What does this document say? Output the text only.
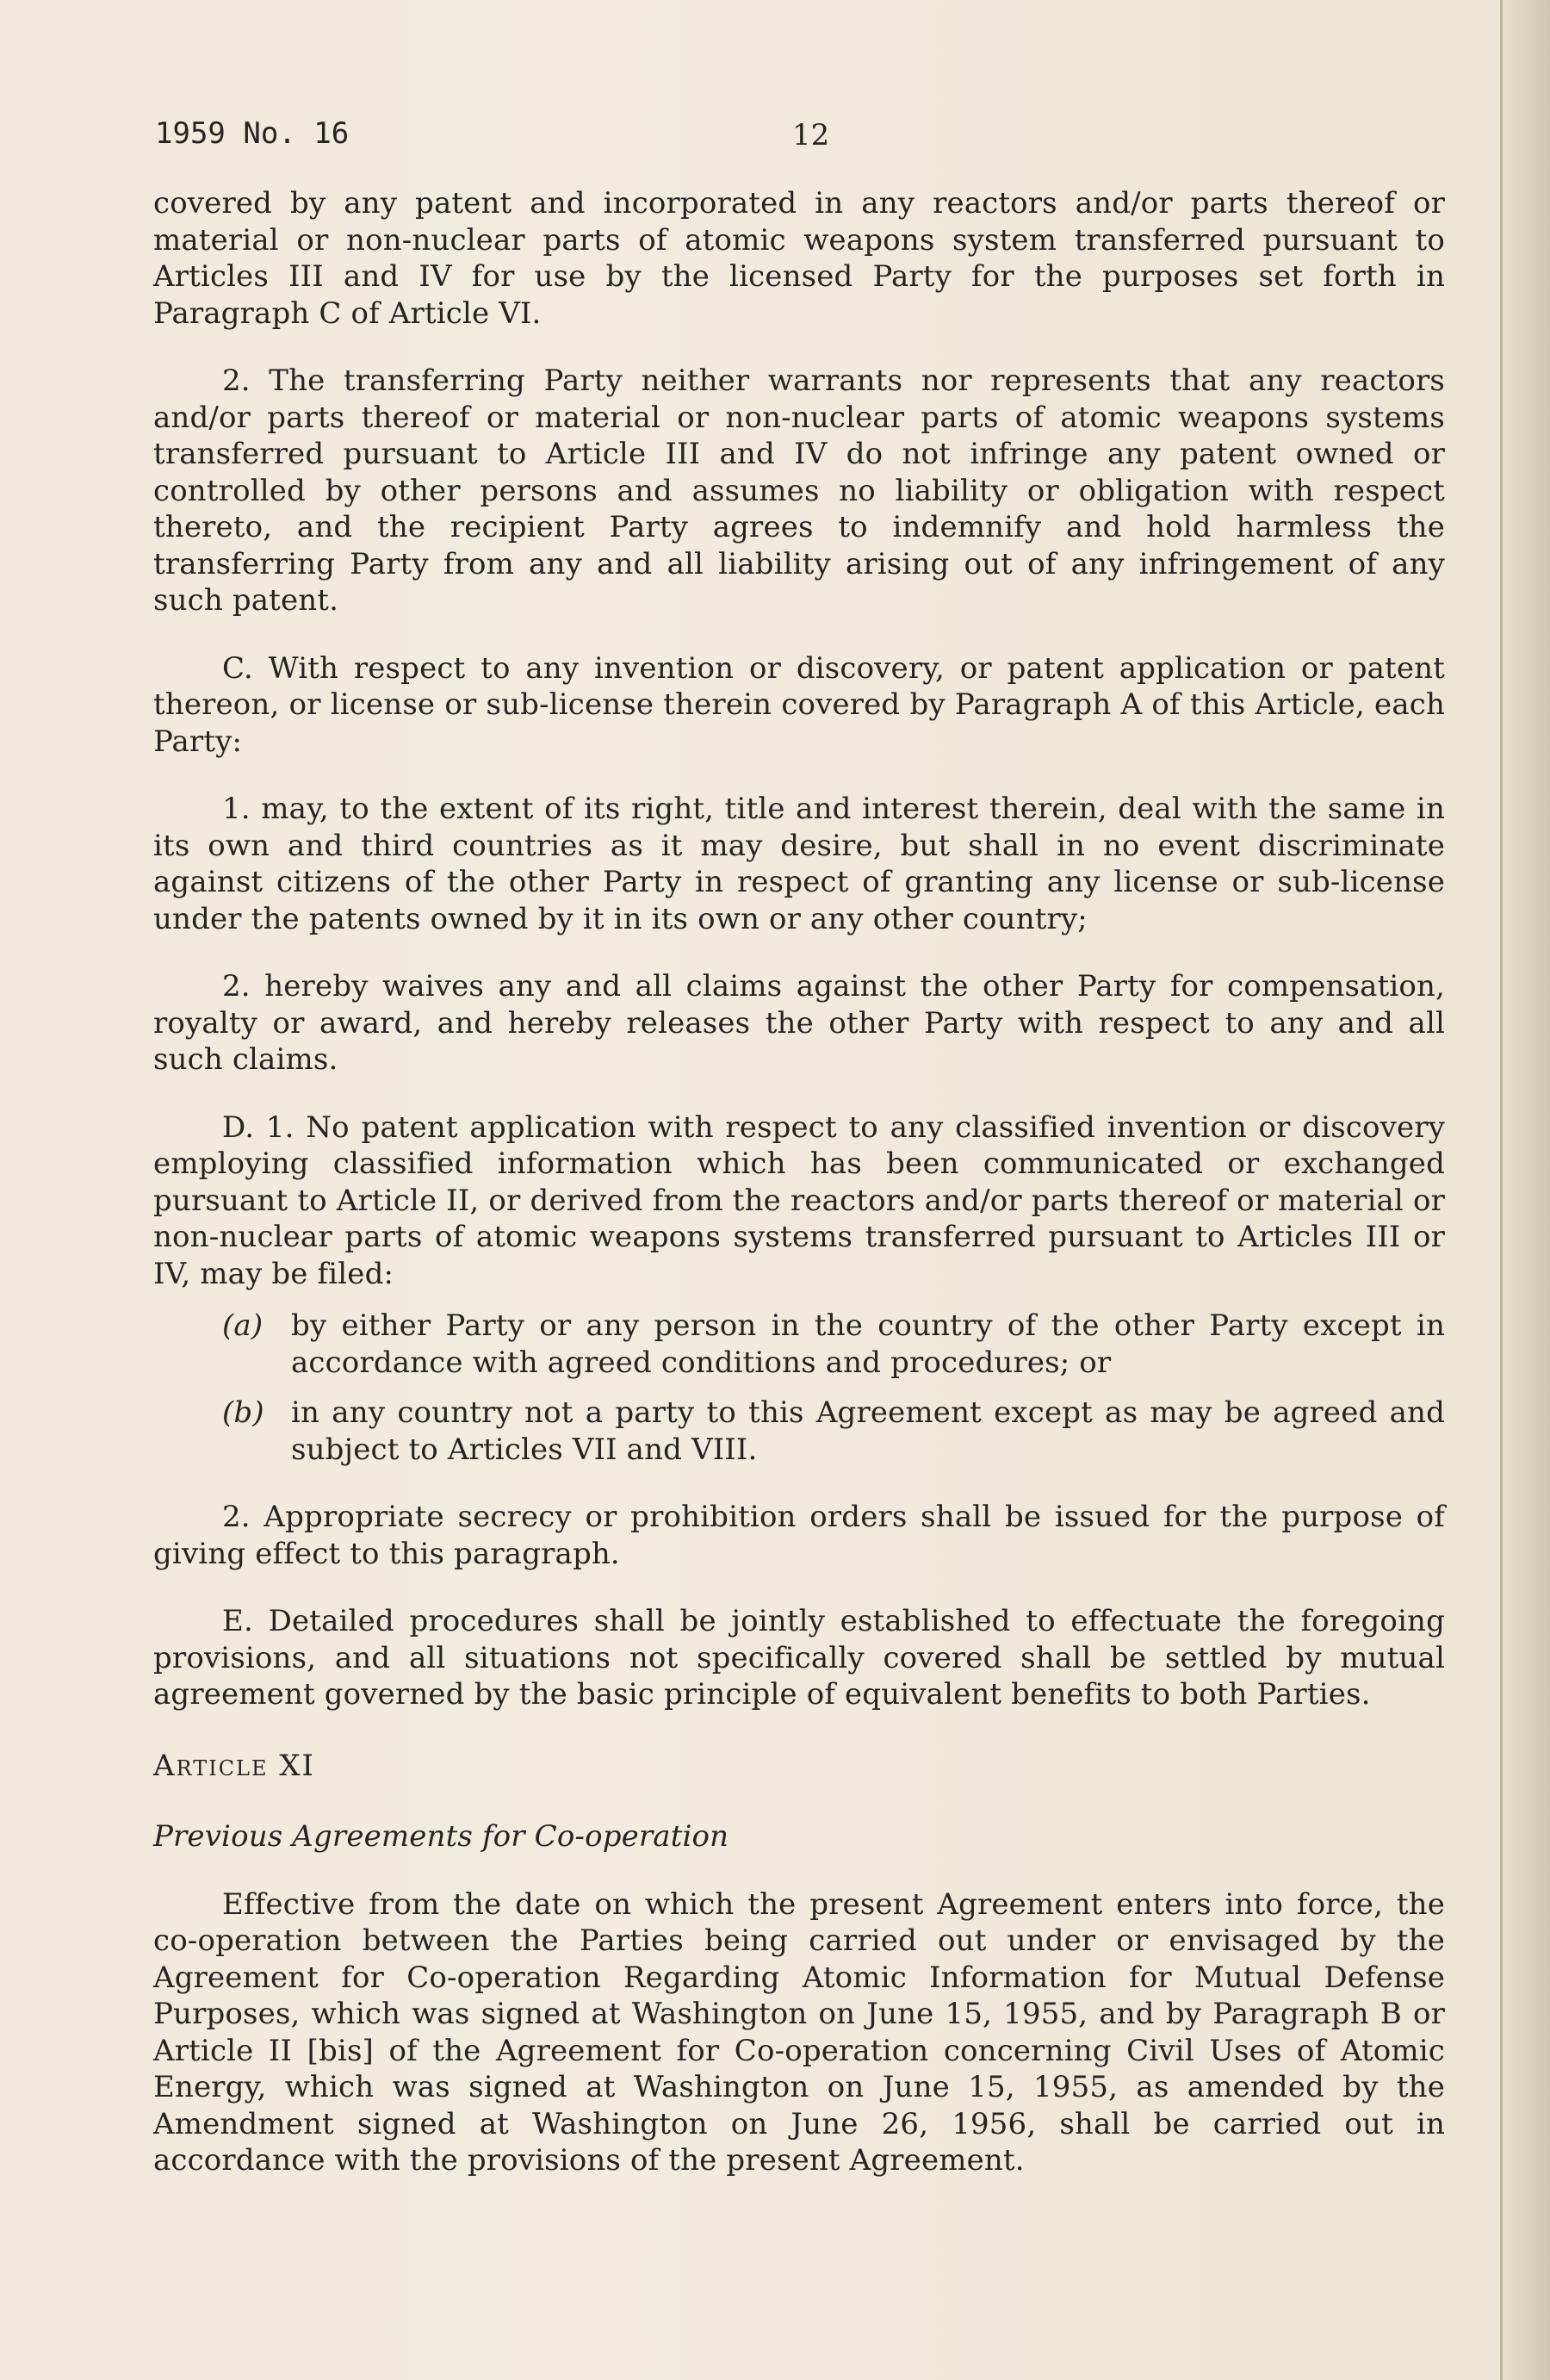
1959 No. 16	12

covered by any patent and incorporated in any reactors and/or parts thereof or material or non-nuclear parts of atomic weapons system transferred pursuant to Articles III and IV for use by the licensed Party for the purposes set forth in Paragraph C of Article VI.

2. The transferring Party neither warrants nor represents that any reactors and/or parts thereof or material or non-nuclear parts of atomic weapons systems transferred pursuant to Article III and IV do not infringe any patent owned or controlled by other persons and assumes no liability or obligation with respect thereto, and the recipient Party agrees to indemnify and hold harmless the transferring Party from any and all liability arising out of any infringement of any such patent.

C. With respect to any invention or discovery, or patent application or patent thereon, or license or sub-license therein covered by Paragraph A of this Article, each Party:

1. may, to the extent of its right, title and interest therein, deal with the same in its own and third countries as it may desire, but shall in no event discriminate against citizens of the other Party in respect of granting any license or sub-license under the patents owned by it in its own or any other country;

2. hereby waives any and all claims against the other Party for compensation, royalty or award, and hereby releases the other Party with respect to any and all such claims.

D. 1. No patent application with respect to any classified invention or discovery employing classified information which has been communicated or exchanged pursuant to Article II, or derived from the reactors and/or parts thereof or material or non-nuclear parts of atomic weapons systems transferred pursuant to Articles III or IV, may be filed:

(a) by either Party or any person in the country of the other Party except in accordance with agreed conditions and procedures; or

(b) in any country not a party to this Agreement except as may be agreed and subject to Articles VII and VIII.

2. Appropriate secrecy or prohibition orders shall be issued for the purpose of giving effect to this paragraph.

E. Detailed procedures shall be jointly established to effectuate the foregoing provisions, and all situations not specifically covered shall be settled by mutual agreement governed by the basic principle of equivalent benefits to both Parties.

Article XI

Previous Agreements for Co-operation

Effective from the date on which the present Agreement enters into force, the co-operation between the Parties being carried out under or envisaged by the Agreement for Co-operation Regarding Atomic Information for Mutual Defense Purposes, which was signed at Washington on June 15, 1955, and by Paragraph B or Article II [bis] of the Agreement for Co-operation concerning Civil Uses of Atomic Energy, which was signed at Washington on June 15, 1955, as amended by the Amendment signed at Washington on June 26, 1956, shall be carried out in accordance with the provisions of the present Agreement.
